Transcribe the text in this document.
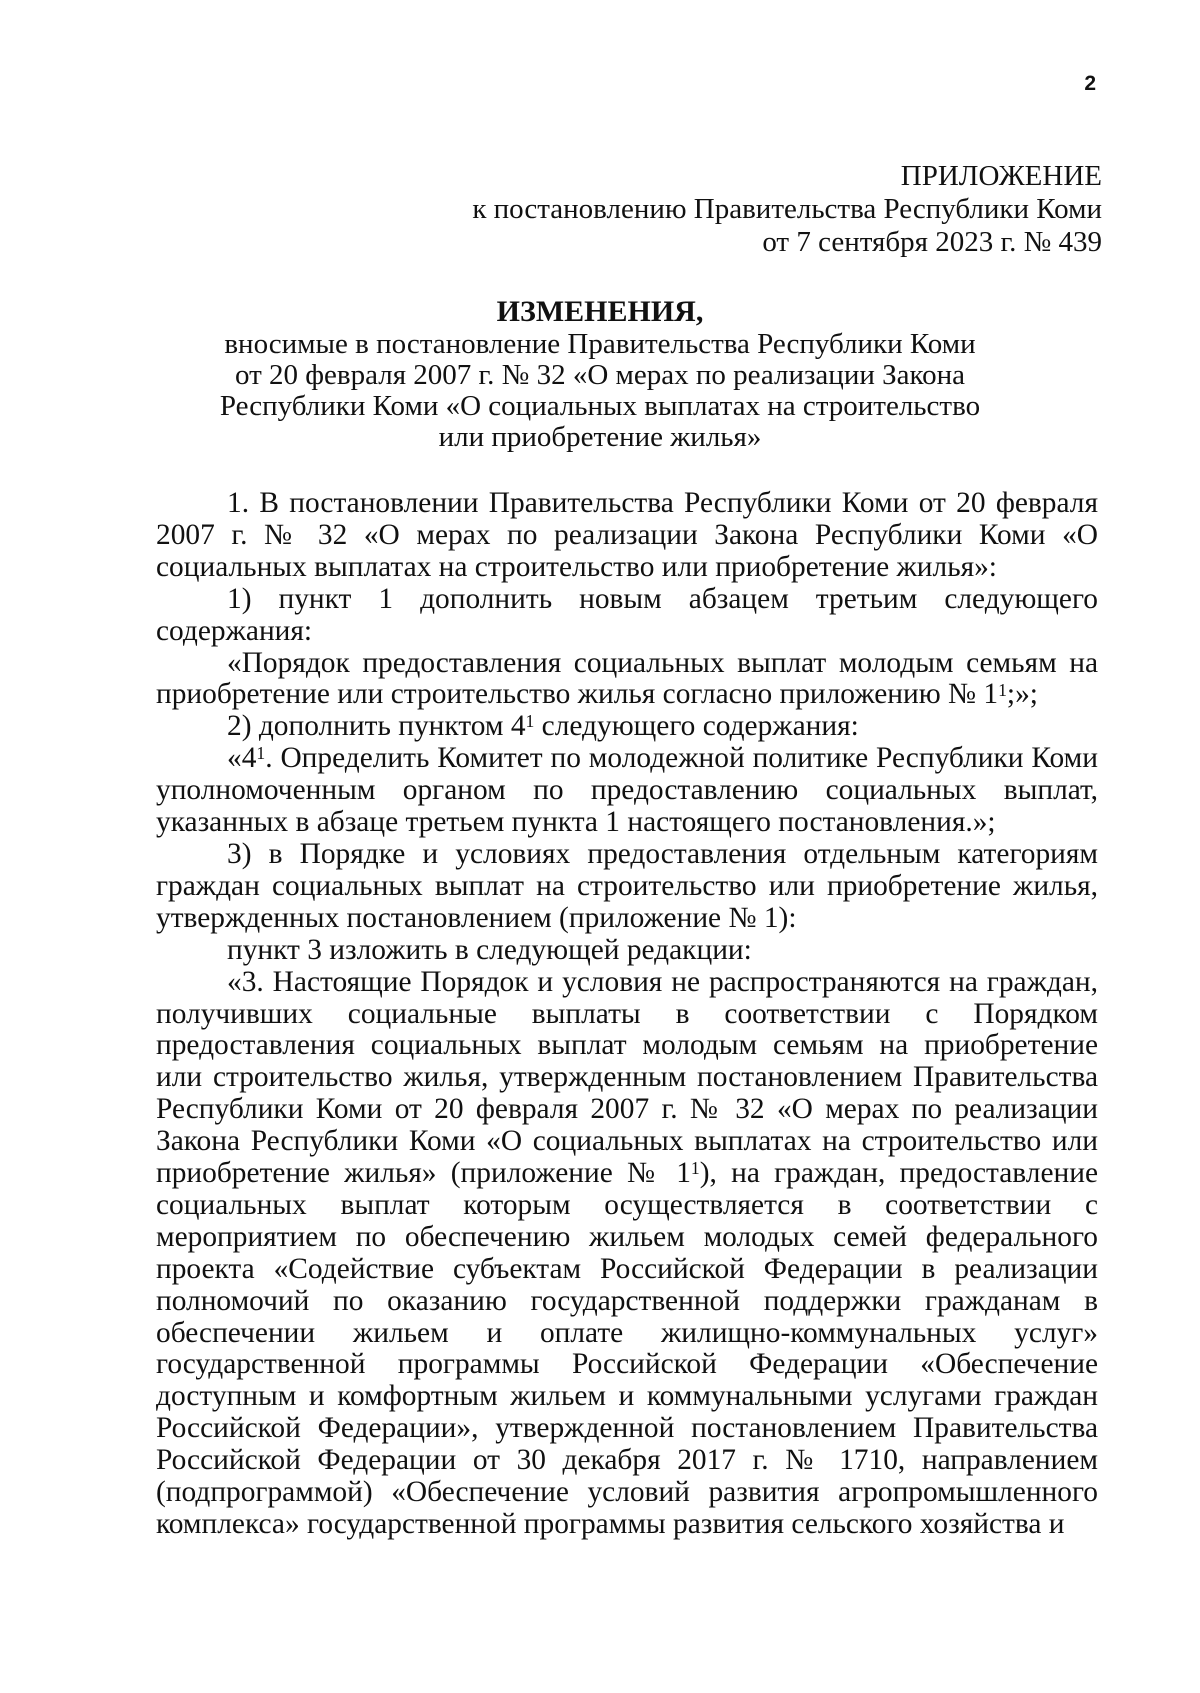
2
ПРИЛОЖЕНИЕ
к постановлению Правительства Республики Коми
от 7 сентября 2023 г. № 439
ИЗМЕНЕНИЯ,
вносимые в постановление Правительства Республики Коми
от 20 февраля 2007 г. № 32 «О мерах по реализации Закона
Республики Коми «О социальных выплатах на строительство
или приобретение жилья»

1. В постановлении Правительства Республики Коми от 20 февраля 2007 г. № 32 «О мерах по реализации Закона Республики Коми «О социальных выплатах на строительство или приобретение жилья»:

1) пункт 1 дополнить новым абзацем третьим следующего содержания:

«Порядок предоставления социальных выплат молодым семьям на приобретение или строительство жилья согласно приложению № $1^1$;»;

2) дополнить пунктом $4^1$ следующего содержания:

«$4^1$. Определить Комитет по молодежной политике Республики Коми уполномоченным органом по предоставлению социальных выплат, указанных в абзаце третьем пункта 1 настоящего постановления.»;

3) в Порядке и условиях предоставления отдельным категориям граждан социальных выплат на строительство или приобретение жилья, утвержденных постановлением (приложение № 1):

пункт 3 изложить в следующей редакции:

«3. Настоящие Порядок и условия не распространяются на граждан, получивших социальные выплаты в соответствии с Порядком предоставления социальных выплат молодым семьям на приобретение или строительство жилья, утвержденным постановлением Правительства Республики Коми от 20 февраля 2007 г. № 32 «О мерах по реализации Закона Республики Коми «О социальных выплатах на строительство или приобретение жилья» (приложение № $1^1$), на граждан, предоставление социальных выплат которым осуществляется в соответствии с мероприятием по обеспечению жильем молодых семей федерального проекта «Содействие субъектам Российской Федерации в реализации полномочий по оказанию государственной поддержки гражданам в обеспечении жильем и оплате жилищно-коммунальных услуг» государственной программы Российской Федерации «Обеспечение доступным и комфортным жильем и коммунальными услугами граждан Российской Федерации», утвержденной постановлением Правительства Российской Федерации от 30 декабря 2017 г. № 1710, направлением (подпрограммой) «Обеспечение условий развития агропромышленного комплекса» государственной программы развития сельского хозяйства и
